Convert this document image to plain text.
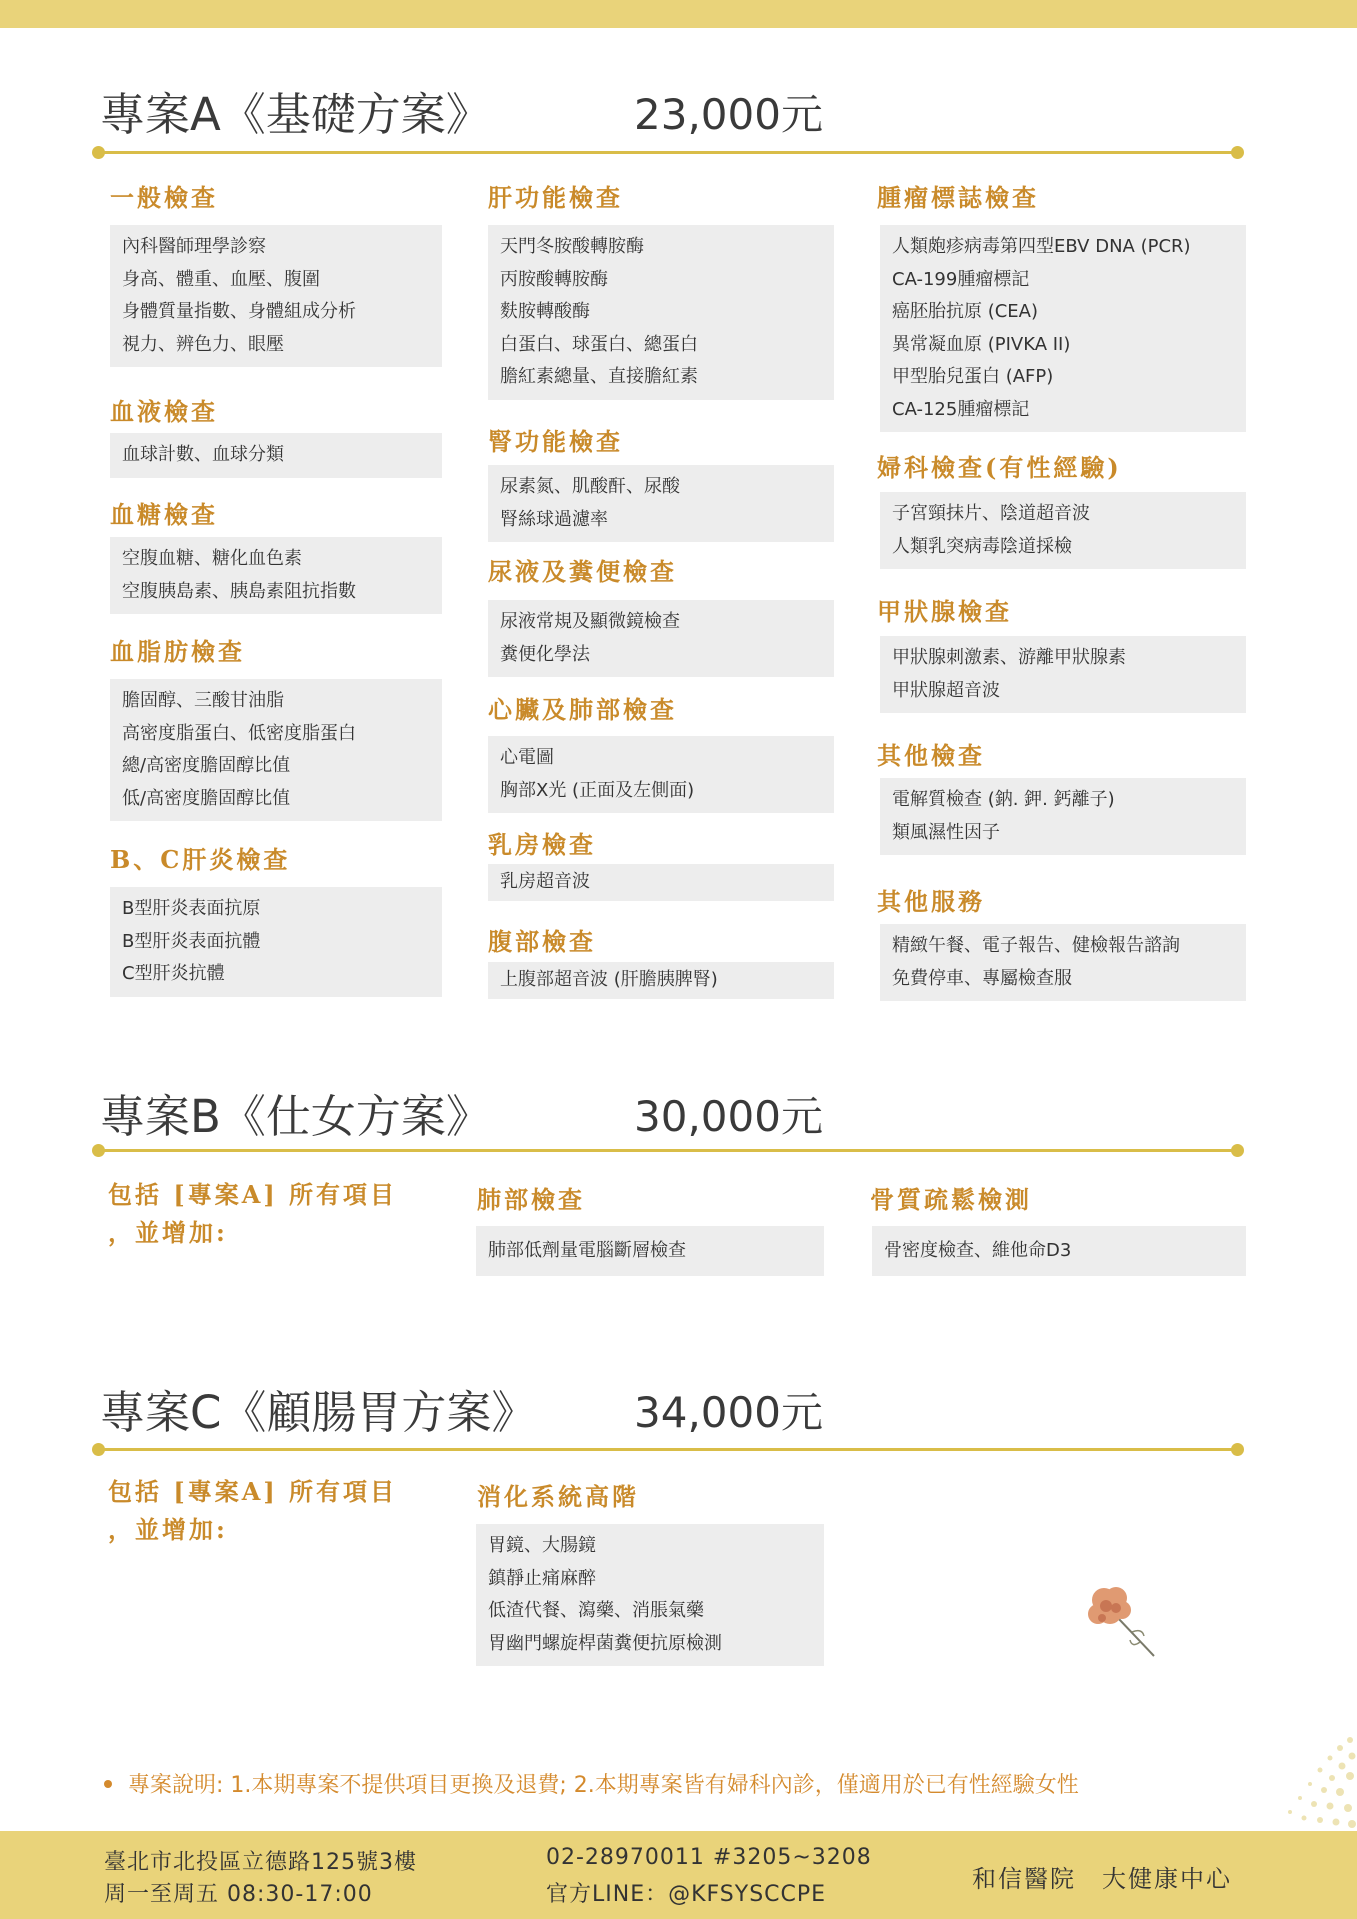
專案A《基礎方案》	23,000元
一般檢查
內科醫師理學診察
身高、體重、血壓、腹圍
身體質量指數、身體組成分析
視力、辨色力、眼壓
血液檢查
血球計數、血球分類
血糖檢查
空腹血糖、糖化血色素
空腹胰島素、胰島素阻抗指數
血脂肪檢查
膽固醇、三酸甘油脂
高密度脂蛋白、低密度脂蛋白
總/高密度膽固醇比值
低/高密度膽固醇比值
B、C肝炎檢查
B型肝炎表面抗原
B型肝炎表面抗體
C型肝炎抗體
肝功能檢查
天門冬胺酸轉胺酶
丙胺酸轉胺酶
麩胺轉酸酶
白蛋白、球蛋白、總蛋白
膽紅素總量、直接膽紅素
腎功能檢查
尿素氮、肌酸酐、尿酸
腎絲球過濾率
尿液及糞便檢查
尿液常規及顯微鏡檢查
糞便化學法
心臟及肺部檢查
心電圖
胸部X光 (正面及左側面)
乳房檢查
乳房超音波
腹部檢查
上腹部超音波 (肝膽胰脾腎)
腫瘤標誌檢查
人類皰疹病毒第四型EBV DNA (PCR)
CA-199腫瘤標記
癌胚胎抗原 (CEA)
異常凝血原 (PIVKA II)
甲型胎兒蛋白 (AFP)
CA-125腫瘤標記
婦科檢查(有性經驗)
子宮頸抹片、陰道超音波
人類乳突病毒陰道採檢
甲狀腺檢查
甲狀腺刺激素、游離甲狀腺素
甲狀腺超音波
其他檢查
電解質檢查 (鈉. 鉀. 鈣離子)
類風濕性因子
其他服務
精緻午餐、電子報告、健檢報告諮詢
免費停車、專屬檢查服
專案B《仕女方案》	30,000元
包括 [專案A] 所有項目
，並增加:
肺部檢查
肺部低劑量電腦斷層檢查
骨質疏鬆檢測
骨密度檢查、維他命D3
專案C《顧腸胃方案》 34,000元
包括 [專案A] 所有項目
，並增加:
消化系統高階
胃鏡、大腸鏡
鎮靜止痛麻醉
低渣代餐、瀉藥、消脹氣藥
胃幽門螺旋桿菌糞便抗原檢測
專案說明: 1.本期專案不提供項目更換及退費; 2.本期專案皆有婦科內診，僅適用於已有性經驗女性
臺北市北投區立德路125號3樓
周一至周五 08:30-17:00
02-28970011 #3205~3208
官方LINE：@KFSYSCCPE
和信醫院　大健康中心
